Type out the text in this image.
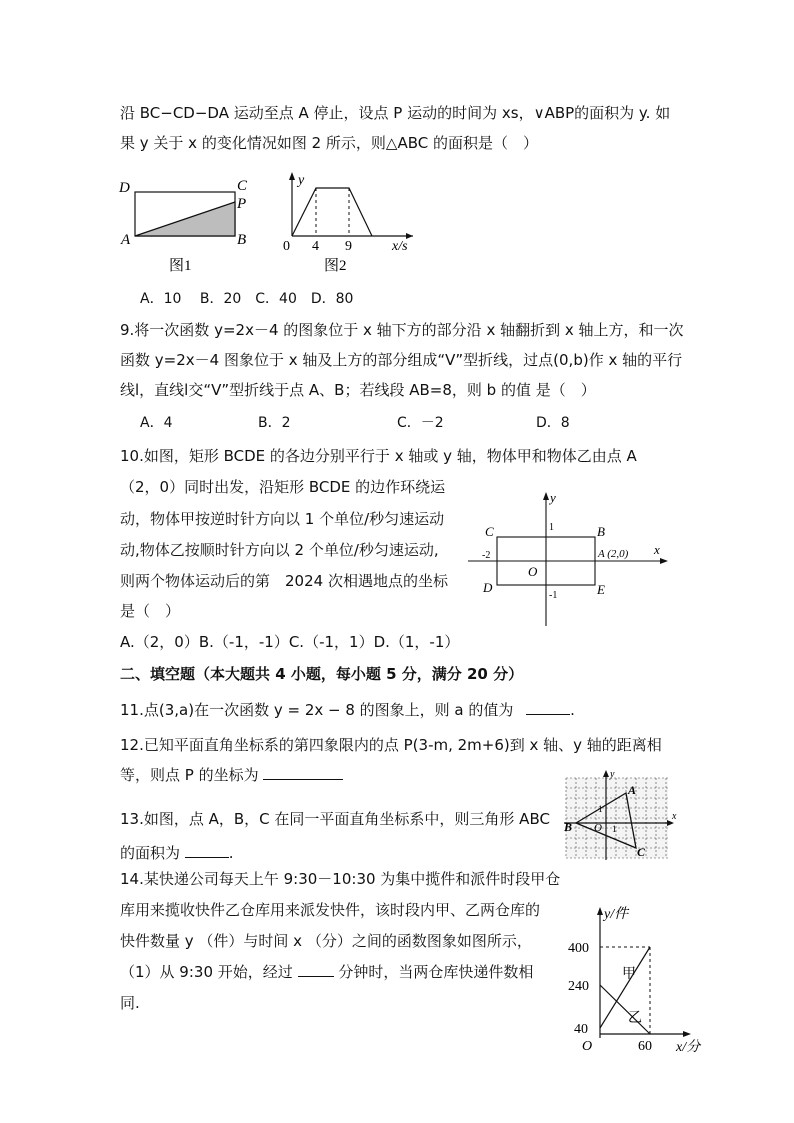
沿 BC−CD−DA 运动至点 A 停止，设点 P 运动的时间为 xs，∨ABP的面积为 y. 如
果 y 关于 x 的变化情况如图 2 所示，则△ABC 的面积是（　）
D	C
P
A	B
图1
y
0 4 9	x/s
图2
A．10　 B．20　C．40　D．80
9.将一次函数 y=2x－4 的图象位于 x 轴下方的部分沿 x 轴翻折到 x 轴上方，和一次
函数 y=2x－4 图象位于 x 轴及上方的部分组成“V”型折线，过点(0,b)作 x 轴的平行
线l，直线l交“V”型折线于点 A、B；若线段 AB=8，则 b 的值 是（　）
A．4	B．2	C．－2	D．8
10.如图，矩形 BCDE 的各边分别平行于 x 轴或 y 轴，物体甲和物体乙由点 A
（2，0）同时出发，沿矩形 BCDE 的边作环绕运
动，物体甲按逆时针方向以 1 个单位/秒匀速运动
动,物体乙按顺时针方向以 2 个单位/秒匀速运动,
则两个物体运动后的第　2024 次相遇地点的坐标
是（　）
y
x
C	B
D	E
O
A (2,0)
1
-1
-2
A.（2，0）B.（-1，-1）C.（-1，1）D.（1，-1）
二、填空题（本大题共 4 小题，每小题 5 分，满分 20 分）
11.点(3,a)在一次函数 y = 2x − 8 的图象上，则 a 的值为	.
12.已知平面直角坐标系的第四象限内的点 P(3-m, 2m+6)到 x 轴、y 轴的距离相
等，则点 P 的坐标为
13.如图，点 A，B，C 在同一平面直角坐标系中，则三角形 ABC
的面积为	.
A
B
C
O 1
1
x
y
14.某快递公司每天上午 9:30－10:30 为集中揽件和派件时段甲仓
库用来揽收快件乙仓库用来派发快件，该时段内甲、乙两仓库的
快件数量 y （件）与时间 x （分）之间的函数图象如图所示，
（1）从 9:30 开始，经过	分钟时，当两仓库快递件数相
同.
y/件
x/分
400
240
40
O	60
甲
乙
